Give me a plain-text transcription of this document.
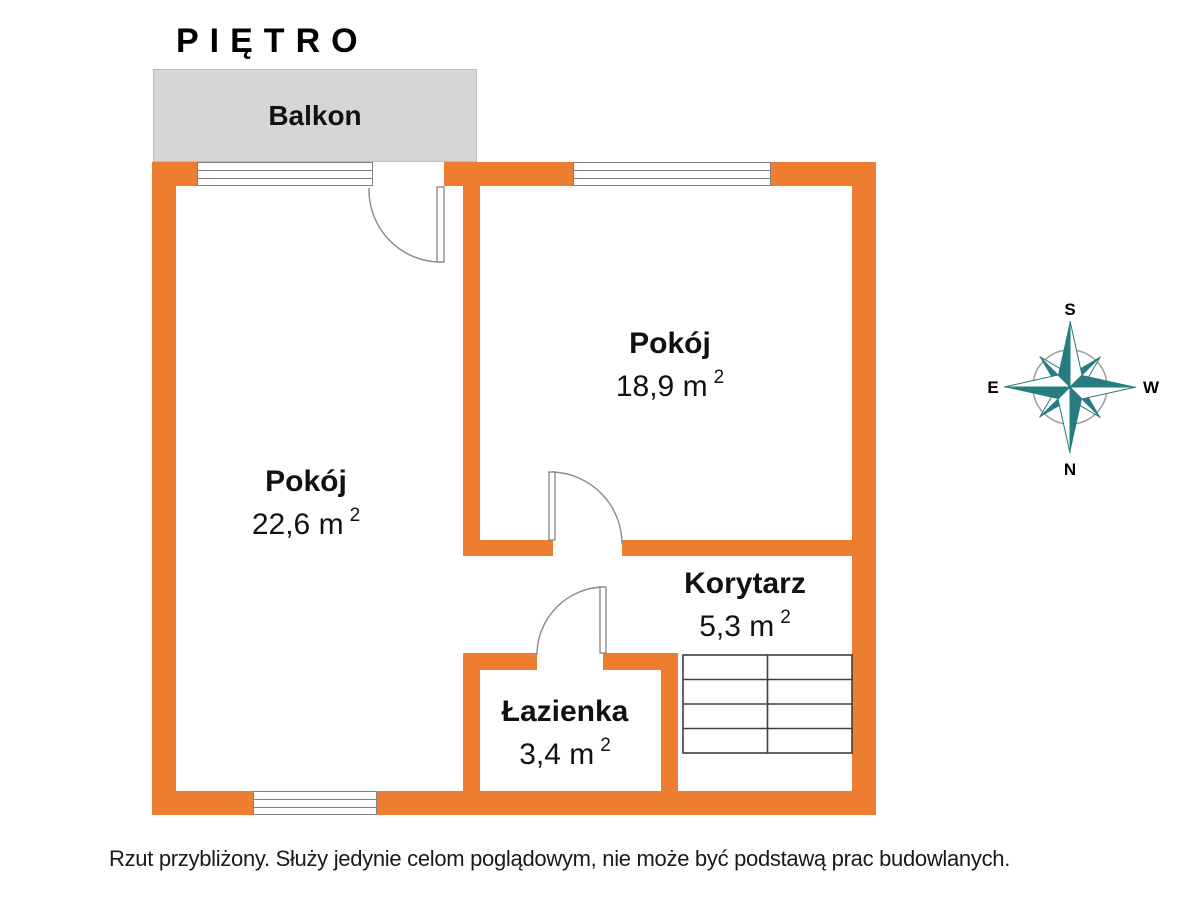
PIĘTRO
Balkon
Pokój
22,6 m $^2$
Pokój
18,9 m $^2$
Korytarz
5,3 m $^2$
Łazienka
3,4 m $^2$
S
W
N
E
Rzut przybliżony. Służy jedynie celom poglądowym, nie może być podstawą prac budowlanych.
